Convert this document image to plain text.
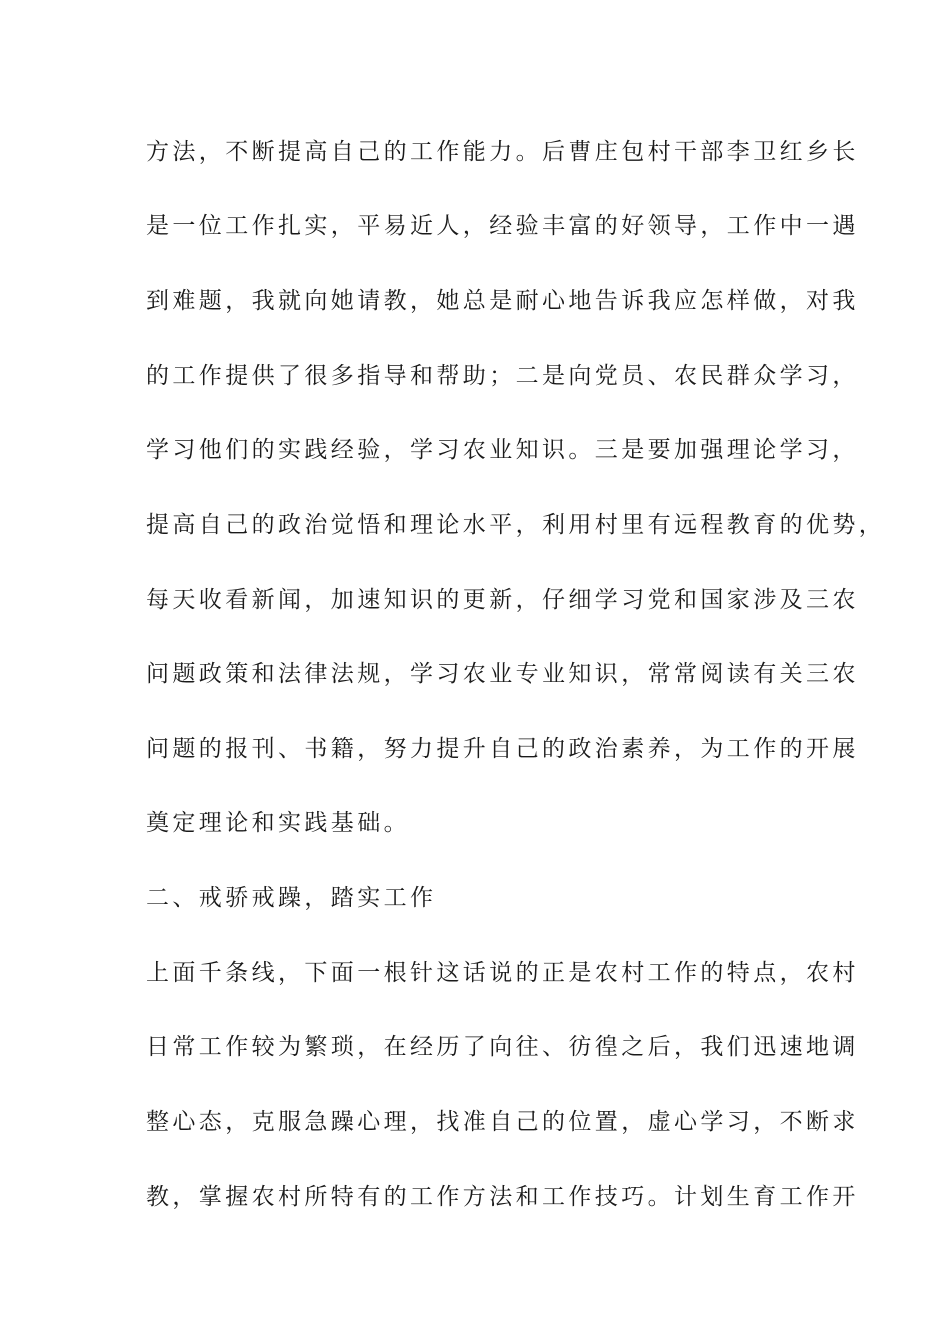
方法，不断提高自己的工作能力。后曹庄包村干部李卫红乡长
是一位工作扎实，平易近人，经验丰富的好领导，工作中一遇
到难题，我就向她请教，她总是耐心地告诉我应怎样做，对我
的工作提供了很多指导和帮助；二是向党员、农民群众学习，
学习他们的实践经验，学习农业知识。三是要加强理论学习，
提高自己的政治觉悟和理论水平，利用村里有远程教育的优势，
每天收看新闻，加速知识的更新，仔细学习党和国家涉及三农
问题政策和法律法规，学习农业专业知识，常常阅读有关三农
问题的报刊、书籍，努力提升自己的政治素养，为工作的开展
奠定理论和实践基础。
二、戒骄戒躁，踏实工作
上面千条线，下面一根针这话说的正是农村工作的特点，农村
日常工作较为繁琐，在经历了向往、彷徨之后，我们迅速地调
整心态，克服急躁心理，找准自己的位置，虚心学习，不断求
教，掌握农村所特有的工作方法和工作技巧。计划生育工作开
